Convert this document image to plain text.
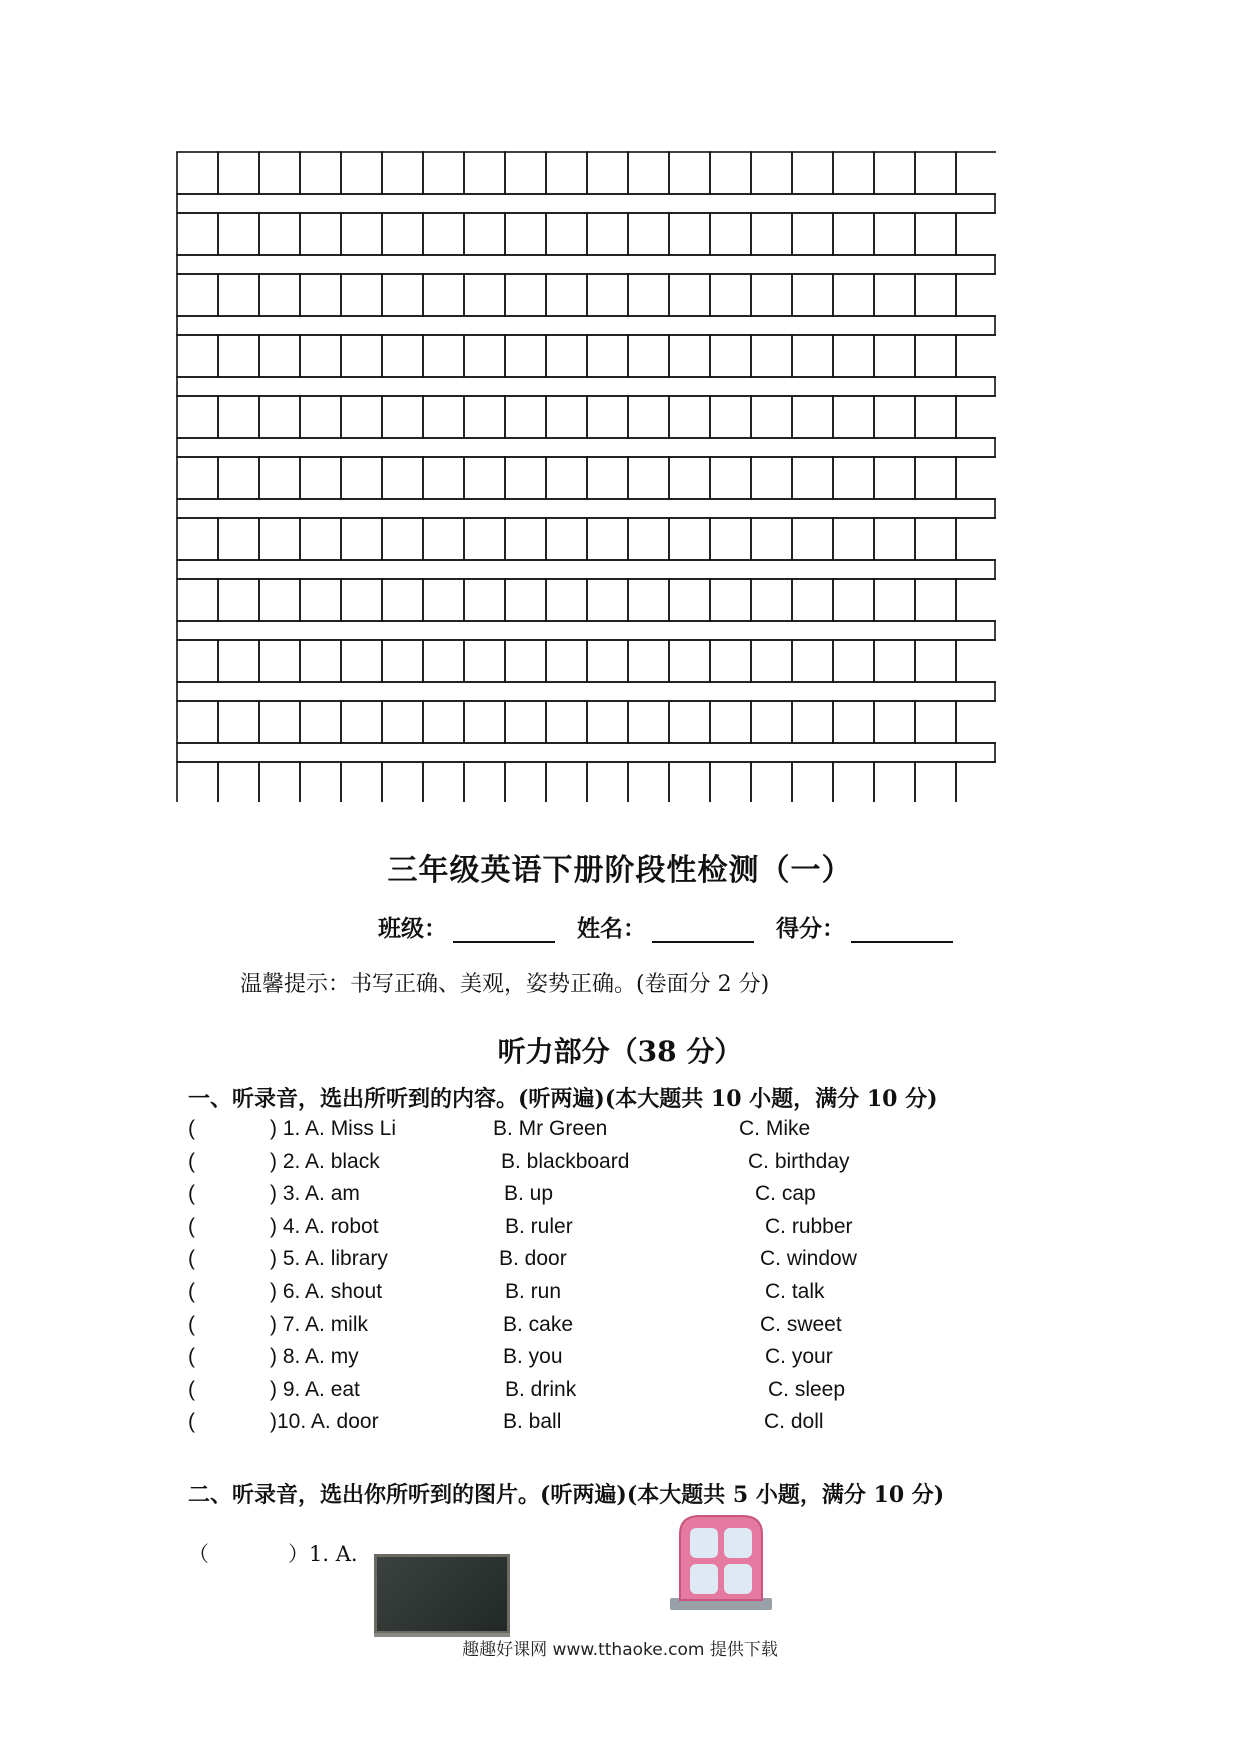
三年级英语下册阶段性检测（一）
班级：	姓名：	得分：
温馨提示：书写正确、美观，姿势正确。(卷面分 2 分)
听力部分（38 分）
一、听录音，选出所听到的内容。(听两遍)(本大题共 10 小题，满分 10 分)
(	) 1. A. Miss Li	B. Mr Green	C. Mike
(	) 2. A. black	B. blackboard	C. birthday
(	) 3. A. am	B. up	C. cap
(	) 4. A. robot	B. ruler	C. rubber
(	) 5. A. library	B. door	C. window
(	) 6. A. shout	B. run	C. talk
(	) 7. A. milk	B. cake	C. sweet
(	) 8. A. my	B. you	C. your
(	) 9. A. eat	B. drink	C. sleep
(	)10. A. door	B. ball	C. doll
二、听录音，选出你所听到的图片。(听两遍)(本大题共 5 小题，满分 10 分)
（	）1. A.
趣趣好课网 www.tthaoke.com 提供下载
